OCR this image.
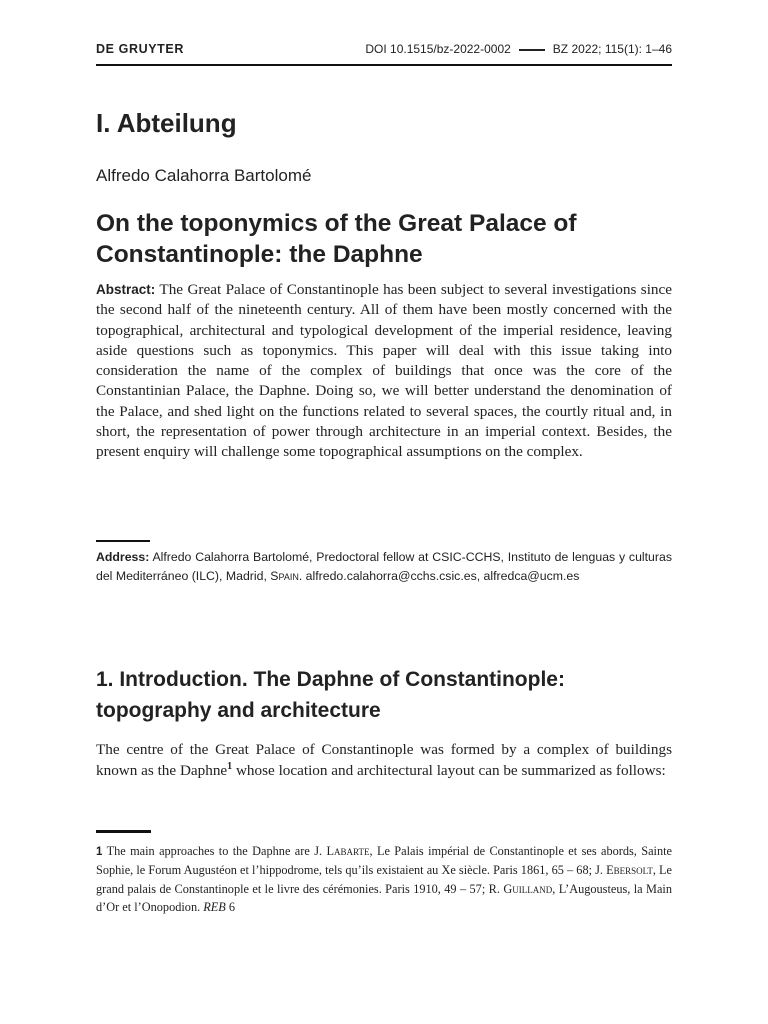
DE GRUYTER	DOI 10.1515/bz-2022-0002	BZ 2022; 115(1): 1–46
I. Abteilung
Alfredo Calahorra Bartolomé
On the toponymics of the Great Palace of
Constantinople: the Daphne
Abstract: The Great Palace of Constantinople has been subject to several investigations since the second half of the nineteenth century. All of them have been mostly concerned with the topographical, architectural and typological development of the imperial residence, leaving aside questions such as toponymics. This paper will deal with this issue taking into consideration the name of the complex of buildings that once was the core of the Constantinian Palace, the Daphne. Doing so, we will better understand the denomination of the Palace, and shed light on the functions related to several spaces, the courtly ritual and, in short, the representation of power through architecture in an imperial context. Besides, the present enquiry will challenge some topographical assumptions on the complex.
Address: Alfredo Calahorra Bartolomé, Predoctoral fellow at CSIC-CCHS, Instituto de lenguas y culturas del Mediterráneo (ILC), Madrid, Spain. alfredo.calahorra@cchs.csic.es, alfredca@ucm.es
1. Introduction. The Daphne of Constantinople:
topography and architecture
The centre of the Great Palace of Constantinople was formed by a complex of buildings known as the Daphne$^1$ whose location and architectural layout can be summarized as follows:
1 The main approaches to the Daphne are J. Labarte, Le Palais impérial de Constantinople et ses abords, Sainte Sophie, le Forum Augustéon et l’hippodrome, tels qu’ils existaient au Xe siècle. Paris 1861, 65 – 68; J. Ebersolt, Le grand palais de Constantinople et le livre des cérémonies. Paris 1910, 49 – 57; R. Guilland, L’Augousteus, la Main d’Or et l’Onopodion. REB 6
